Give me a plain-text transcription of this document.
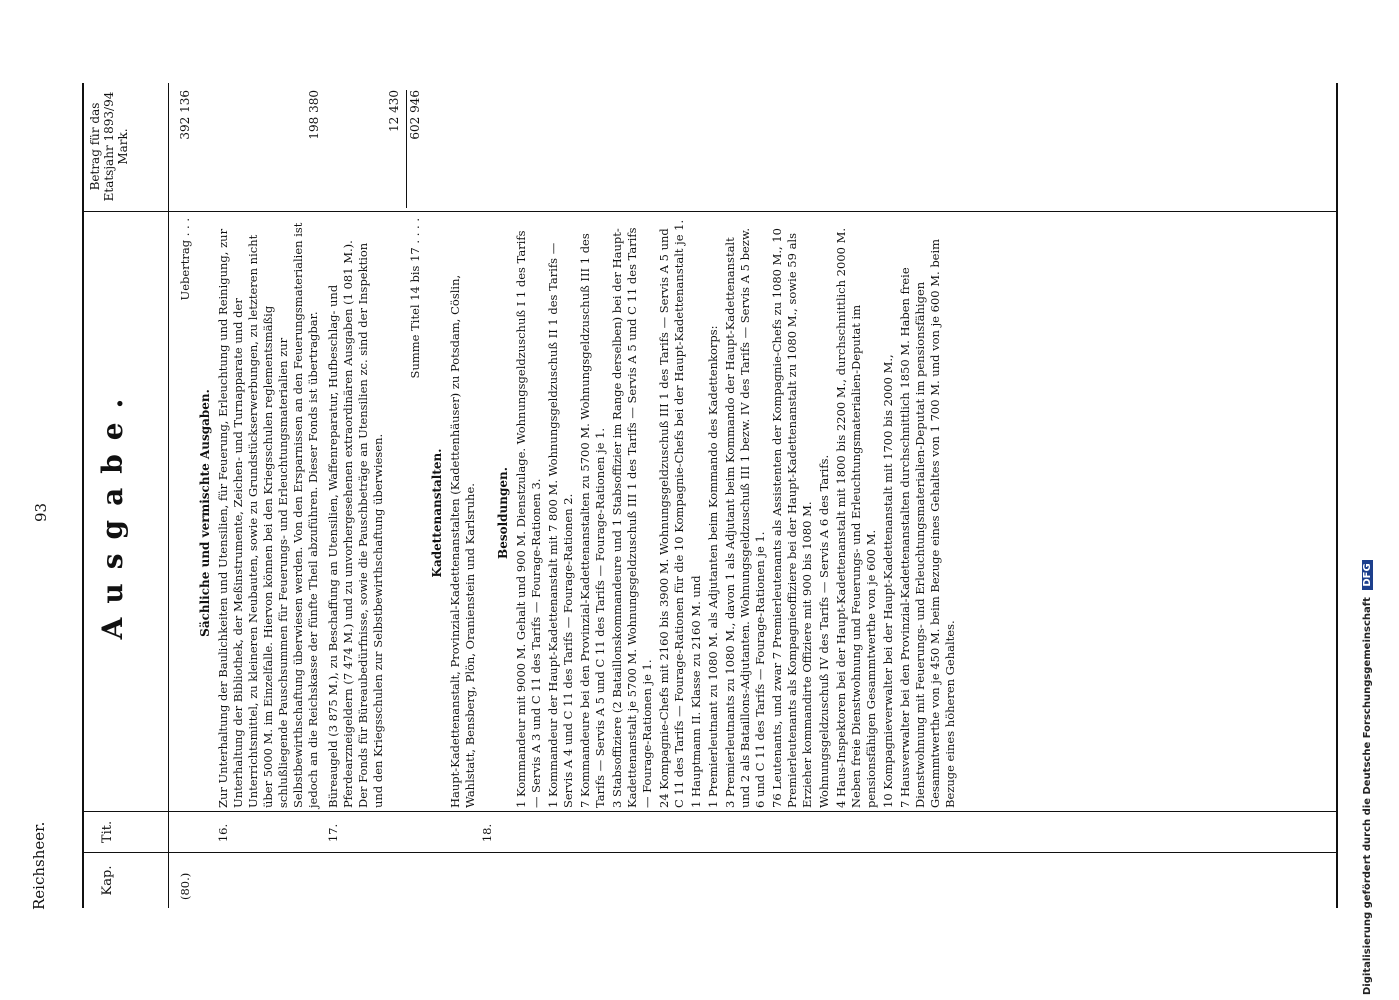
Reichsheer.
93
Kap.
Tit.
Ausgabe.
Betrag für das Etatsjahr 1893/94 Mark.
(80.)
Uebertrag . . .
392 136
Sächliche und vermischte Ausgaben.
16.
Zur Unterhaltung der Baulichkeiten und Utensilien, für Feuerung, Erleuchtung und Reinigung, zur Unterhaltung der Bibliothek, der Meßinstrumente, Zeichen- und Turnapparate und der Unterrichtsmittel, zu kleineren Neubauten, sowie zu Grundstückserwerbungen, zu letzteren nicht über 5000 M. im Einzelfalle. Hiervon können bei den Kriegsschulen reglementsmäßig schlußliegende Pauschsummen für Feuerungs- und Erleuchtungsmaterialien zur Selbstbewirthschaftung überwiesen werden. Von den Ersparnissen an den Feuerungsmaterialien ist jedoch an die Reichskasse der fünfte Theil abzuführen. Dieser Fonds ist übertragbar.
198 380
17.
Büreaugeld (3 875 M.), zu Beschaffung an Utensilien, Waffenreparatur, Hufbeschlag- und Pferdearzneigeldern (7 474 M.) und zu unvorhergesehenen extraordinären Ausgaben (1 081 M.). Der Fonds für Büreaubedürfnisse, sowie die Pauschbeträge an Utensilien zc. sind der Inspektion und den Kriegsschulen zur Selbstbewirthschaftung überwiesen.
12 430
Summe Titel 14 bis 17 . . . .
602 946
Kadettenanstalten. Haupt-Kadettenanstalt, Provinzial-Kadettenanstalten (Kadettenhäuser) zu Potsdam, Cöslin, Wahlstatt, Bensberg, Plön, Oranienstein und Karlsruhe.
18.
Besoldungen. 1 Kommandeur mit 9000 M. Gehalt und 900 M. Dienstzulage. Wohnungsgeldzuschuß I 1 des Tarifs — Servis A 3 und C 11 des Tarifs — Fourage-Rationen 3. 1 Kommandeur der Haupt-Kadettenanstalt mit 7 800 M. Wohnungsgeldzuschuß II 1 des Tarifs — Servis A 4 und C 11 des Tarifs — Fourage-Rationen 2. 7 Kommandeure bei den Provinzial-Kadettenanstalten zu 5700 M. Wohnungsgeldzuschuß III 1 des Tarifs — Servis A 5 und C 11 des Tarifs — Fourage-Rationen je 1. 3 Stabsoffiziere (2 Bataillonskommandeure und 1 Stabsoffizier im Range derselben) bei der Haupt-Kadettenanstalt je 5700 M. Wohnungsgeldzuschuß III 1 des Tarifs — Servis A 5 und C 11 des Tarifs — Fourage-Rationen je 1. 24 Kompagnie-Chefs mit 2160 bis 3900 M. Wohnungsgeldzuschuß III 1 des Tarifs — Servis A 5 und C 11 des Tarifs — Fourage-Rationen für die 10 Kompagnie-Chefs bei der Haupt-Kadettenanstalt je 1. 1 Hauptmann II. Klasse zu 2160 M. und 1 Premierleutnant zu 1080 M. als Adjutanten beim Kommando des Kadettenkorps: 3 Premierleutnants zu 1080 M., davon 1 als Adjutant beim Kommando der Haupt-Kadettenanstalt und 2 als Bataillons-Adjutanten. Wohnungsgeldzuschuß III 1 bezw. IV des Tarifs — Servis A 5 bezw. 6 und C 11 des Tarifs — Fourage-Rationen je 1. 76 Leutenants, und zwar 7 Premierleutenants als Assistenten der Kompagnie-Chefs zu 1080 M., 10 Premierleutenants als Kompagnieoffiziere bei der Haupt-Kadettenanstalt zu 1080 M., sowie 59 als Erzieher kommandirte Offiziere mit 900 bis 1080 M. Wohnungsgeldzuschuß IV des Tarifs — Servis A 6 des Tarifs. 4 Haus-Inspektoren bei der Haupt-Kadettenanstalt mit 1800 bis 2200 M., durchschnittlich 2000 M. Neben freie Dienstwohnung und Feuerungs- und Erleuchtungsmaterialien-Deputat im pensionsfähigen Gesammtwerthe von je 600 M. 10 Kompagnieverwalter bei der Haupt-Kadettenanstalt mit 1700 bis 2000 M., 7 Hausverwalter bei den Provinzial-Kadettenanstalten durchschnittlich 1850 M. Haben freie Dienstwohnung mit Feuerungs- und Erleuchtungsmaterialien-Deputat im pensionsfähigen Gesammtwerthe von je 450 M. beim Bezuge eines Gehaltes von 1 700 M. und von je 600 M. beim Bezuge eines höheren Gehaltes.	Digitalisierung gefördert durch die Deutsche Forschungsgemeinschaft DFG
